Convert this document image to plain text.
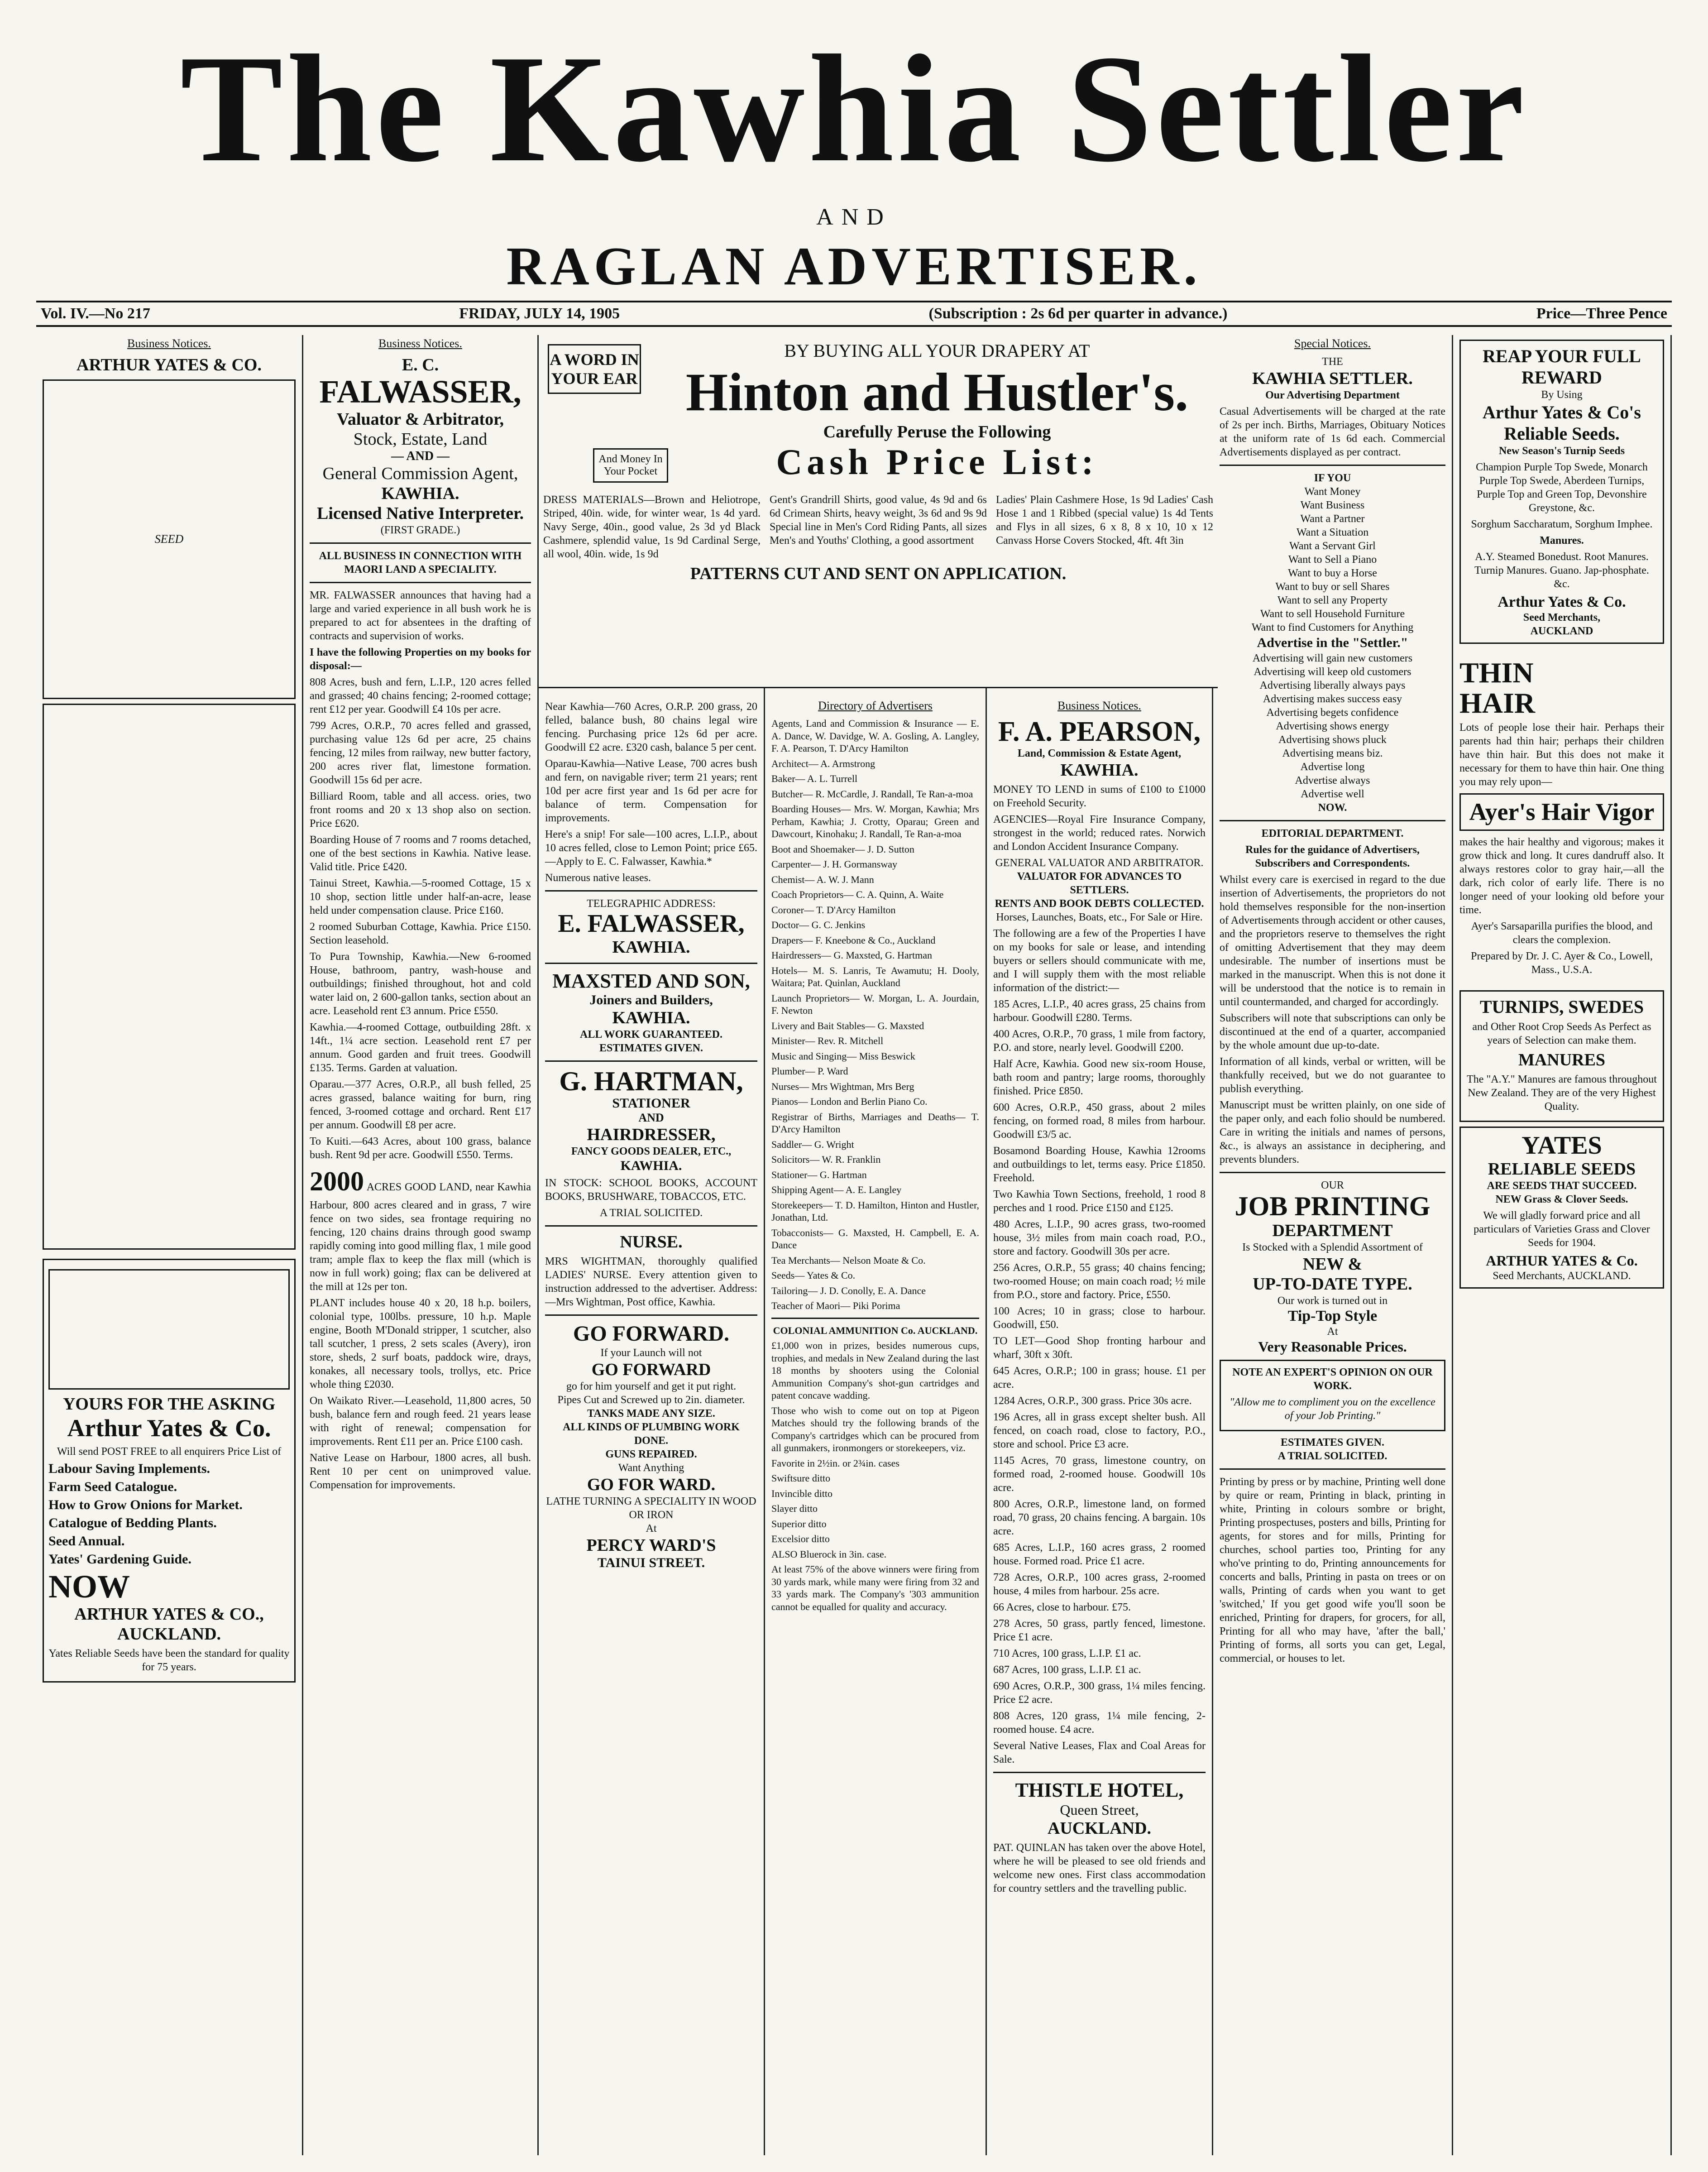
The Kawhia Settler
AND
RAGLAN ADVERTISER.
Vol. IV.—No 217	FRIDAY, JULY 14, 1905	(Subscription : 2s 6d per quarter in advance.)	Price—Three Pence
Business Notices.
ARTHUR YATES & CO.
SEED
YOURS FOR THE ASKING
Arthur Yates & Co.

Will send POST FREE to all enquirers Price List of

Labour Saving Implements.

Farm Seed Catalogue.

How to Grow Onions for Market.

Catalogue of Bedding Plants.

Seed Annual.

Yates' Gardening Guide.

NOW
ARTHUR YATES & CO., AUCKLAND.

Yates Reliable Seeds have been the standard for quality for 75 years.

Business Notices.
E. C.
FALWASSER,
Valuator & Arbitrator,
Stock, Estate, Land
— AND —
General Commission Agent,
KAWHIA.
Licensed Native Interpreter.
(FIRST GRADE.)

ALL BUSINESS IN CONNECTION WITH MAORI LAND A SPECIALITY.

MR. FALWASSER announces that having had a large and varied experience in all bush work he is prepared to act for absentees in the drafting of contracts and supervision of works.

I have the following Properties on my books for disposal:—

808 Acres, bush and fern, L.I.P., 120 acres felled and grassed; 40 chains fencing; 2-roomed cottage; rent £12 per year. Goodwill £4 10s per acre.

799 Acres, O.R.P., 70 acres felled and grassed, purchasing value 12s 6d per acre, 25 chains fencing, 12 miles from railway, new butter factory, 200 acres river flat, limestone formation. Goodwill 15s 6d per acre.

Billiard Room, table and all access. ories, two front rooms and 20 x 13 shop also on section. Price £620.

Boarding House of 7 rooms and 7 rooms detached, one of the best sections in Kawhia. Native lease. Valid title. Price £420.

Tainui Street, Kawhia.—5-roomed Cottage, 15 x 10 shop, section little under half-an-acre, lease held under compensation clause. Price £160.

2 roomed Suburban Cottage, Kawhia. Price £150. Section leasehold.

To Pura Township, Kawhia.—New 6-roomed House, bathroom, pantry, wash-house and outbuildings; finished throughout, hot and cold water laid on, 2 600-gallon tanks, section about an acre. Leasehold rent £3 annum. Price £550.

Kawhia.—4-roomed Cottage, outbuilding 28ft. x 14ft., 1¼ acre section. Leasehold rent £7 per annum. Good garden and fruit trees. Goodwill £135. Terms. Garden at valuation.

Oparau.—377 Acres, O.R.P., all bush felled, 25 acres grassed, balance waiting for burn, ring fenced, 3-roomed cottage and orchard. Rent £17 per annum. Goodwill £8 per acre.

To Kuiti.—643 Acres, about 100 grass, balance bush. Rent 9d per acre. Goodwill £550. Terms.

2000 ACRES GOOD LAND, near Kawhia Harbour, 800 acres cleared and in grass, 7 wire fence on two sides, sea frontage requiring no fencing, 120 chains drains through good swamp rapidly coming into good milling flax, 1 mile good tram; ample flax to keep the flax mill (which is now in full work) going; flax can be delivered at the mill at 12s per ton.

PLANT includes house 40 x 20, 18 h.p. boilers, colonial type, 100lbs. pressure, 10 h.p. Maple engine, Booth M'Donald stripper, 1 scutcher, also tall scutcher, 1 press, 2 sets scales (Avery), iron store, sheds, 2 surf boats, paddock wire, drays, konakes, all necessary tools, trollys, etc. Price whole thing £2030.

On Waikato River.—Leasehold, 11,800 acres, 50 bush, balance fern and rough feed. 21 years lease with right of renewal; compensation for improvements. Rent £11 per an. Price £100 cash.

Native Lease on Harbour, 1800 acres, all bush. Rent 10 per cent on unimproved value. Compensation for improvements.

Near Kawhia—760 Acres, O.R.P. 200 grass, 20 felled, balance bush, 80 chains legal wire fencing. Purchasing price 12s 6d per acre. Goodwill £2 acre. £320 cash, balance 5 per cent.

Oparau-Kawhia—Native Lease, 700 acres bush and fern, on navigable river; term 21 years; rent 10d per acre first year and 1s 6d per acre for balance of term. Compensation for improvements.

Here's a snip! For sale—100 acres, L.I.P., about 10 acres felled, close to Lemon Point; price £65.—Apply to E. C. Falwasser, Kawhia.*

Numerous native leases.

TELEGRAPHIC ADDRESS:
E. FALWASSER,
KAWHIA.
MAXSTED AND SON,
Joiners and Builders,
KAWHIA.
ALL WORK GUARANTEED.
ESTIMATES GIVEN.
G. HARTMAN,
STATIONER
AND
HAIRDRESSER,
FANCY GOODS DEALER, ETC.,
KAWHIA.

IN STOCK: SCHOOL BOOKS, ACCOUNT BOOKS, BRUSHWARE, TOBACCOS, ETC.

A TRIAL SOLICITED.
NURSE.

MRS WIGHTMAN, thoroughly qualified LADIES' NURSE. Every attention given to instruction addressed to the advertiser. Address:—Mrs Wightman, Post office, Kawhia.

GO FORWARD.
If your Launch will not
GO FORWARD
go for him yourself and get it put right.
Pipes Cut and Screwed up to 2in. diameter.
TANKS MADE ANY SIZE.
ALL KINDS OF PLUMBING WORK DONE.
GUNS REPAIRED.
Want Anything
GO FOR WARD.
LATHE TURNING A SPECIALITY IN WOOD OR IRON
At
PERCY WARD'S
TAINUI STREET.
Directory of Advertisers

Agents, Land and Commission & Insurance — E. A. Dance, W. Davidge, W. A. Gosling, A. Langley, F. A. Pearson, T. D'Arcy Hamilton

Architect— A. Armstrong

Baker— A. L. Turrell

Butcher— R. McCardle, J. Randall, Te Ran-a-moa

Boarding Houses— Mrs. W. Morgan, Kawhia; Mrs Perham, Kawhia; J. Crotty, Oparau; Green and Dawcourt, Kinohaku; J. Randall, Te Ran-a-moa

Boot and Shoemaker— J. D. Sutton

Carpenter— J. H. Gormansway

Chemist— A. W. J. Mann

Coach Proprietors— C. A. Quinn, A. Waite

Coroner— T. D'Arcy Hamilton

Doctor— G. C. Jenkins

Drapers— F. Kneebone & Co., Auckland

Hairdressers— G. Maxsted, G. Hartman

Hotels— M. S. Lanris, Te Awamutu; H. Dooly, Waitara; Pat. Quinlan, Auckland

Launch Proprietors— W. Morgan, L. A. Jourdain, F. Newton

Livery and Bait Stables— G. Maxsted

Minister— Rev. R. Mitchell

Music and Singing— Miss Beswick

Plumber— P. Ward

Nurses— Mrs Wightman, Mrs Berg

Pianos— London and Berlin Piano Co.

Registrar of Births, Marriages and Deaths— T. D'Arcy Hamilton

Saddler— G. Wright

Solicitors— W. R. Franklin

Stationer— G. Hartman

Shipping Agent— A. E. Langley

Storekeepers— T. D. Hamilton, Hinton and Hustler, Jonathan, Ltd.

Tobacconists— G. Maxsted, H. Campbell, E. A. Dance

Tea Merchants— Nelson Moate & Co.

Seeds— Yates & Co.

Tailoring— J. D. Conolly, E. A. Dance

Teacher of Maori— Piki Porima

COLONIAL AMMUNITION Co. AUCKLAND.

£1,000 won in prizes, besides numerous cups, trophies, and medals in New Zealand during the last 18 months by shooters using the Colonial Ammunition Company's shot-gun cartridges and patent concave wadding.

Those who wish to come out on top at Pigeon Matches should try the following brands of the Company's cartridges which can be procured from all gunmakers, ironmongers or storekeepers, viz.

Favorite in 2½in. or 2¾in. cases

Swiftsure ditto

Invincible ditto

Slayer ditto

Superior ditto

Excelsior ditto

ALSO Bluerock in 3in. case.

At least 75% of the above winners were firing from 30 yards mark, while many were firing from 32 and 33 yards mark. The Company's '303 ammunition cannot be equalled for quality and accuracy.

Business Notices.
F. A. PEARSON,
Land, Commission & Estate Agent,
KAWHIA.

MONEY TO LEND in sums of £100 to £1000 on Freehold Security.

AGENCIES—Royal Fire Insurance Company, strongest in the world; reduced rates. Norwich and London Accident Insurance Company.

GENERAL VALUATOR AND ARBITRATOR.
VALUATOR FOR ADVANCES TO SETTLERS.
RENTS AND BOOK DEBTS COLLECTED.
Horses, Launches, Boats, etc., For Sale or Hire.

The following are a few of the Properties I have on my books for sale or lease, and intending buyers or sellers should communicate with me, and I will supply them with the most reliable information of the district:—

185 Acres, L.I.P., 40 acres grass, 25 chains from harbour. Goodwill £280. Terms.

400 Acres, O.R.P., 70 grass, 1 mile from factory, P.O. and store, nearly level. Goodwill £200.

Half Acre, Kawhia. Good new six-room House, bath room and pantry; large rooms, thoroughly finished. Price £850.

600 Acres, O.R.P., 450 grass, about 2 miles fencing, on formed road, 8 miles from harbour. Goodwill £3/5 ac.

Bosamond Boarding House, Kawhia 12rooms and outbuildings to let, terms easy. Price £1850. Freehold.

Two Kawhia Town Sections, freehold, 1 rood 8 perches and 1 rood. Price £150 and £125.

480 Acres, L.I.P., 90 acres grass, two-roomed house, 3½ miles from main coach road, P.O., store and factory. Goodwill 30s per acre.

256 Acres, O.R.P., 55 grass; 40 chains fencing; two-roomed House; on main coach road; ½ mile from P.O., store and factory. Price, £550.

100 Acres; 10 in grass; close to harbour. Goodwill, £50.

TO LET—Good Shop fronting harbour and wharf, 30ft x 30ft.

645 Acres, O.R.P.; 100 in grass; house. £1 per acre.

1284 Acres, O.R.P., 300 grass. Price 30s acre.

196 Acres, all in grass except shelter bush. All fenced, on coach road, close to factory, P.O., store and school. Price £3 acre.

1145 Acres, 70 grass, limestone country, on formed road, 2-roomed house. Goodwill 10s acre.

800 Acres, O.R.P., limestone land, on formed road, 70 grass, 20 chains fencing. A bargain. 10s acre.

685 Acres, L.I.P., 160 acres grass, 2 roomed house. Formed road. Price £1 acre.

728 Acres, O.R.P., 100 acres grass, 2-roomed house, 4 miles from harbour. 25s acre.

66 Acres, close to harbour. £75.

278 Acres, 50 grass, partly fenced, limestone. Price £1 acre.

710 Acres, 100 grass, L.I.P. £1 ac.

687 Acres, 100 grass, L.I.P. £1 ac.

690 Acres, O.R.P., 300 grass, 1¼ miles fencing. Price £2 acre.

808 Acres, 120 grass, 1¼ mile fencing, 2-roomed house. £4 acre.

Several Native Leases, Flax and Coal Areas for Sale.

THISTLE HOTEL,
Queen Street,
AUCKLAND.

PAT. QUINLAN has taken over the above Hotel, where he will be pleased to see old friends and welcome new ones. First class accommodation for country settlers and the travelling public.

Special Notices.
THE
KAWHIA SETTLER.
Our Advertising Department

Casual Advertisements will be charged at the rate of 2s per inch. Births, Marriages, Obituary Notices at the uniform rate of 1s 6d each. Commercial Advertisements displayed as per contract.

IF YOU
Want Money
Want Business
Want a Partner
Want a Situation
Want a Servant Girl
Want to Sell a Piano
Want to buy a Horse
Want to buy or sell Shares
Want to sell any Property
Want to sell Household Furniture
Want to find Customers for Anything
Advertise in the "Settler."
Advertising will gain new customers
Advertising will keep old customers
Advertising liberally always pays
Advertising makes success easy
Advertising begets confidence
Advertising shows energy
Advertising shows pluck
Advertising means biz.
Advertise long
Advertise always
Advertise well
NOW.
EDITORIAL DEPARTMENT.

Rules for the guidance of Advertisers, Subscribers and Correspondents.

Whilst every care is exercised in regard to the due insertion of Advertisements, the proprietors do not hold themselves responsible for the non-insertion of Advertisements through accident or other causes, and the proprietors reserve to themselves the right of omitting Advertisement that they may deem undesirable. The number of insertions must be marked in the manuscript. When this is not done it will be understood that the notice is to remain in until countermanded, and charged for accordingly.

Subscribers will note that subscriptions can only be discontinued at the end of a quarter, accompanied by the whole amount due up-to-date.

Information of all kinds, verbal or written, will be thankfully received, but we do not guarantee to publish everything.

Manuscript must be written plainly, on one side of the paper only, and each folio should be numbered. Care in writing the initials and names of persons, &c., is always an assistance in deciphering, and prevents blunders.

OUR
JOB PRINTING
DEPARTMENT
Is Stocked with a Splendid Assortment of
NEW &
UP-TO-DATE TYPE.
Our work is turned out in
Tip-Top Style
At
Very Reasonable Prices.
NOTE AN EXPERT'S OPINION ON OUR WORK.

"Allow me to compliment you on the excellence of your Job Printing."

ESTIMATES GIVEN.
A TRIAL SOLICITED.

Printing by press or by machine, Printing well done by quire or ream, Printing in black, printing in white, Printing in colours sombre or bright, Printing prospectuses, posters and bills, Printing for agents, for stores and for mills, Printing for churches, school parties too, Printing for any who've printing to do, Printing announcements for concerts and balls, Printing in pasta on trees or on walls, Printing of cards when you want to get 'switched,' If you get good wife you'll soon be enriched, Printing for drapers, for grocers, for all, Printing for all who may have, 'after the ball,' Printing of forms, all sorts you can get, Legal, commercial, or houses to let.

REAP YOUR FULL REWARD
By Using
Arthur Yates & Co's
Reliable Seeds.
New Season's Turnip Seeds

Champion Purple Top Swede, Monarch Purple Top Swede, Aberdeen Turnips, Purple Top and Green Top, Devonshire Greystone, &c.

Sorghum Saccharatum, Sorghum Imphee.

Manures.

A.Y. Steamed Bonedust. Root Manures. Turnip Manures. Guano. Jap-phosphate. &c.

Arthur Yates & Co.
Seed Merchants,
AUCKLAND
THIN
HAIR

Lots of people lose their hair. Perhaps their parents had thin hair; perhaps their children have thin hair. But this does not make it necessary for them to have thin hair. One thing you may rely upon—

Ayer's Hair Vigor

makes the hair healthy and vigorous; makes it grow thick and long. It cures dandruff also. It always restores color to gray hair,—all the dark, rich color of early life. There is no longer need of your looking old before your time.

Ayer's Sarsaparilla purifies the blood, and clears the complexion.

Prepared by Dr. J. C. Ayer & Co., Lowell, Mass., U.S.A.

TURNIPS, SWEDES

and Other Root Crop Seeds As Perfect as years of Selection can make them.

MANURES

The "A.Y." Manures are famous throughout New Zealand. They are of the very Highest Quality.

YATES
RELIABLE SEEDS
ARE SEEDS THAT SUCCEED.
NEW Grass & Clover Seeds.

We will gladly forward price and all particulars of Varieties Grass and Clover Seeds for 1904.

ARTHUR YATES & Co.
Seed Merchants, AUCKLAND.
A WORD IN YOUR EAR
And Money In Your Pocket
BY BUYING ALL YOUR DRAPERY AT
Hinton and Hustler's.
Carefully Peruse the Following
Cash Price List:

DRESS MATERIALS—Brown and Heliotrope, Striped, 40in. wide, for winter wear, 1s 4d yard. Navy Serge, 40in., good value, 2s 3d yd Black Cashmere, splendid value, 1s 9d Cardinal Serge, all wool, 40in. wide, 1s 9d

Gent's Grandrill Shirts, good value, 4s 9d and 6s 6d Crimean Shirts, heavy weight, 3s 6d and 9s 9d Special line in Men's Cord Riding Pants, all sizes Men's and Youths' Clothing, a good assortment

Ladies' Plain Cashmere Hose, 1s 9d Ladies' Cash Hose 1 and 1 Ribbed (special value) 1s 4d Tents and Flys in all sizes, 6 x 8, 8 x 10, 10 x 12 Canvass Horse Covers Stocked, 4ft. 4ft 3in

PATTERNS CUT AND SENT ON APPLICATION.
